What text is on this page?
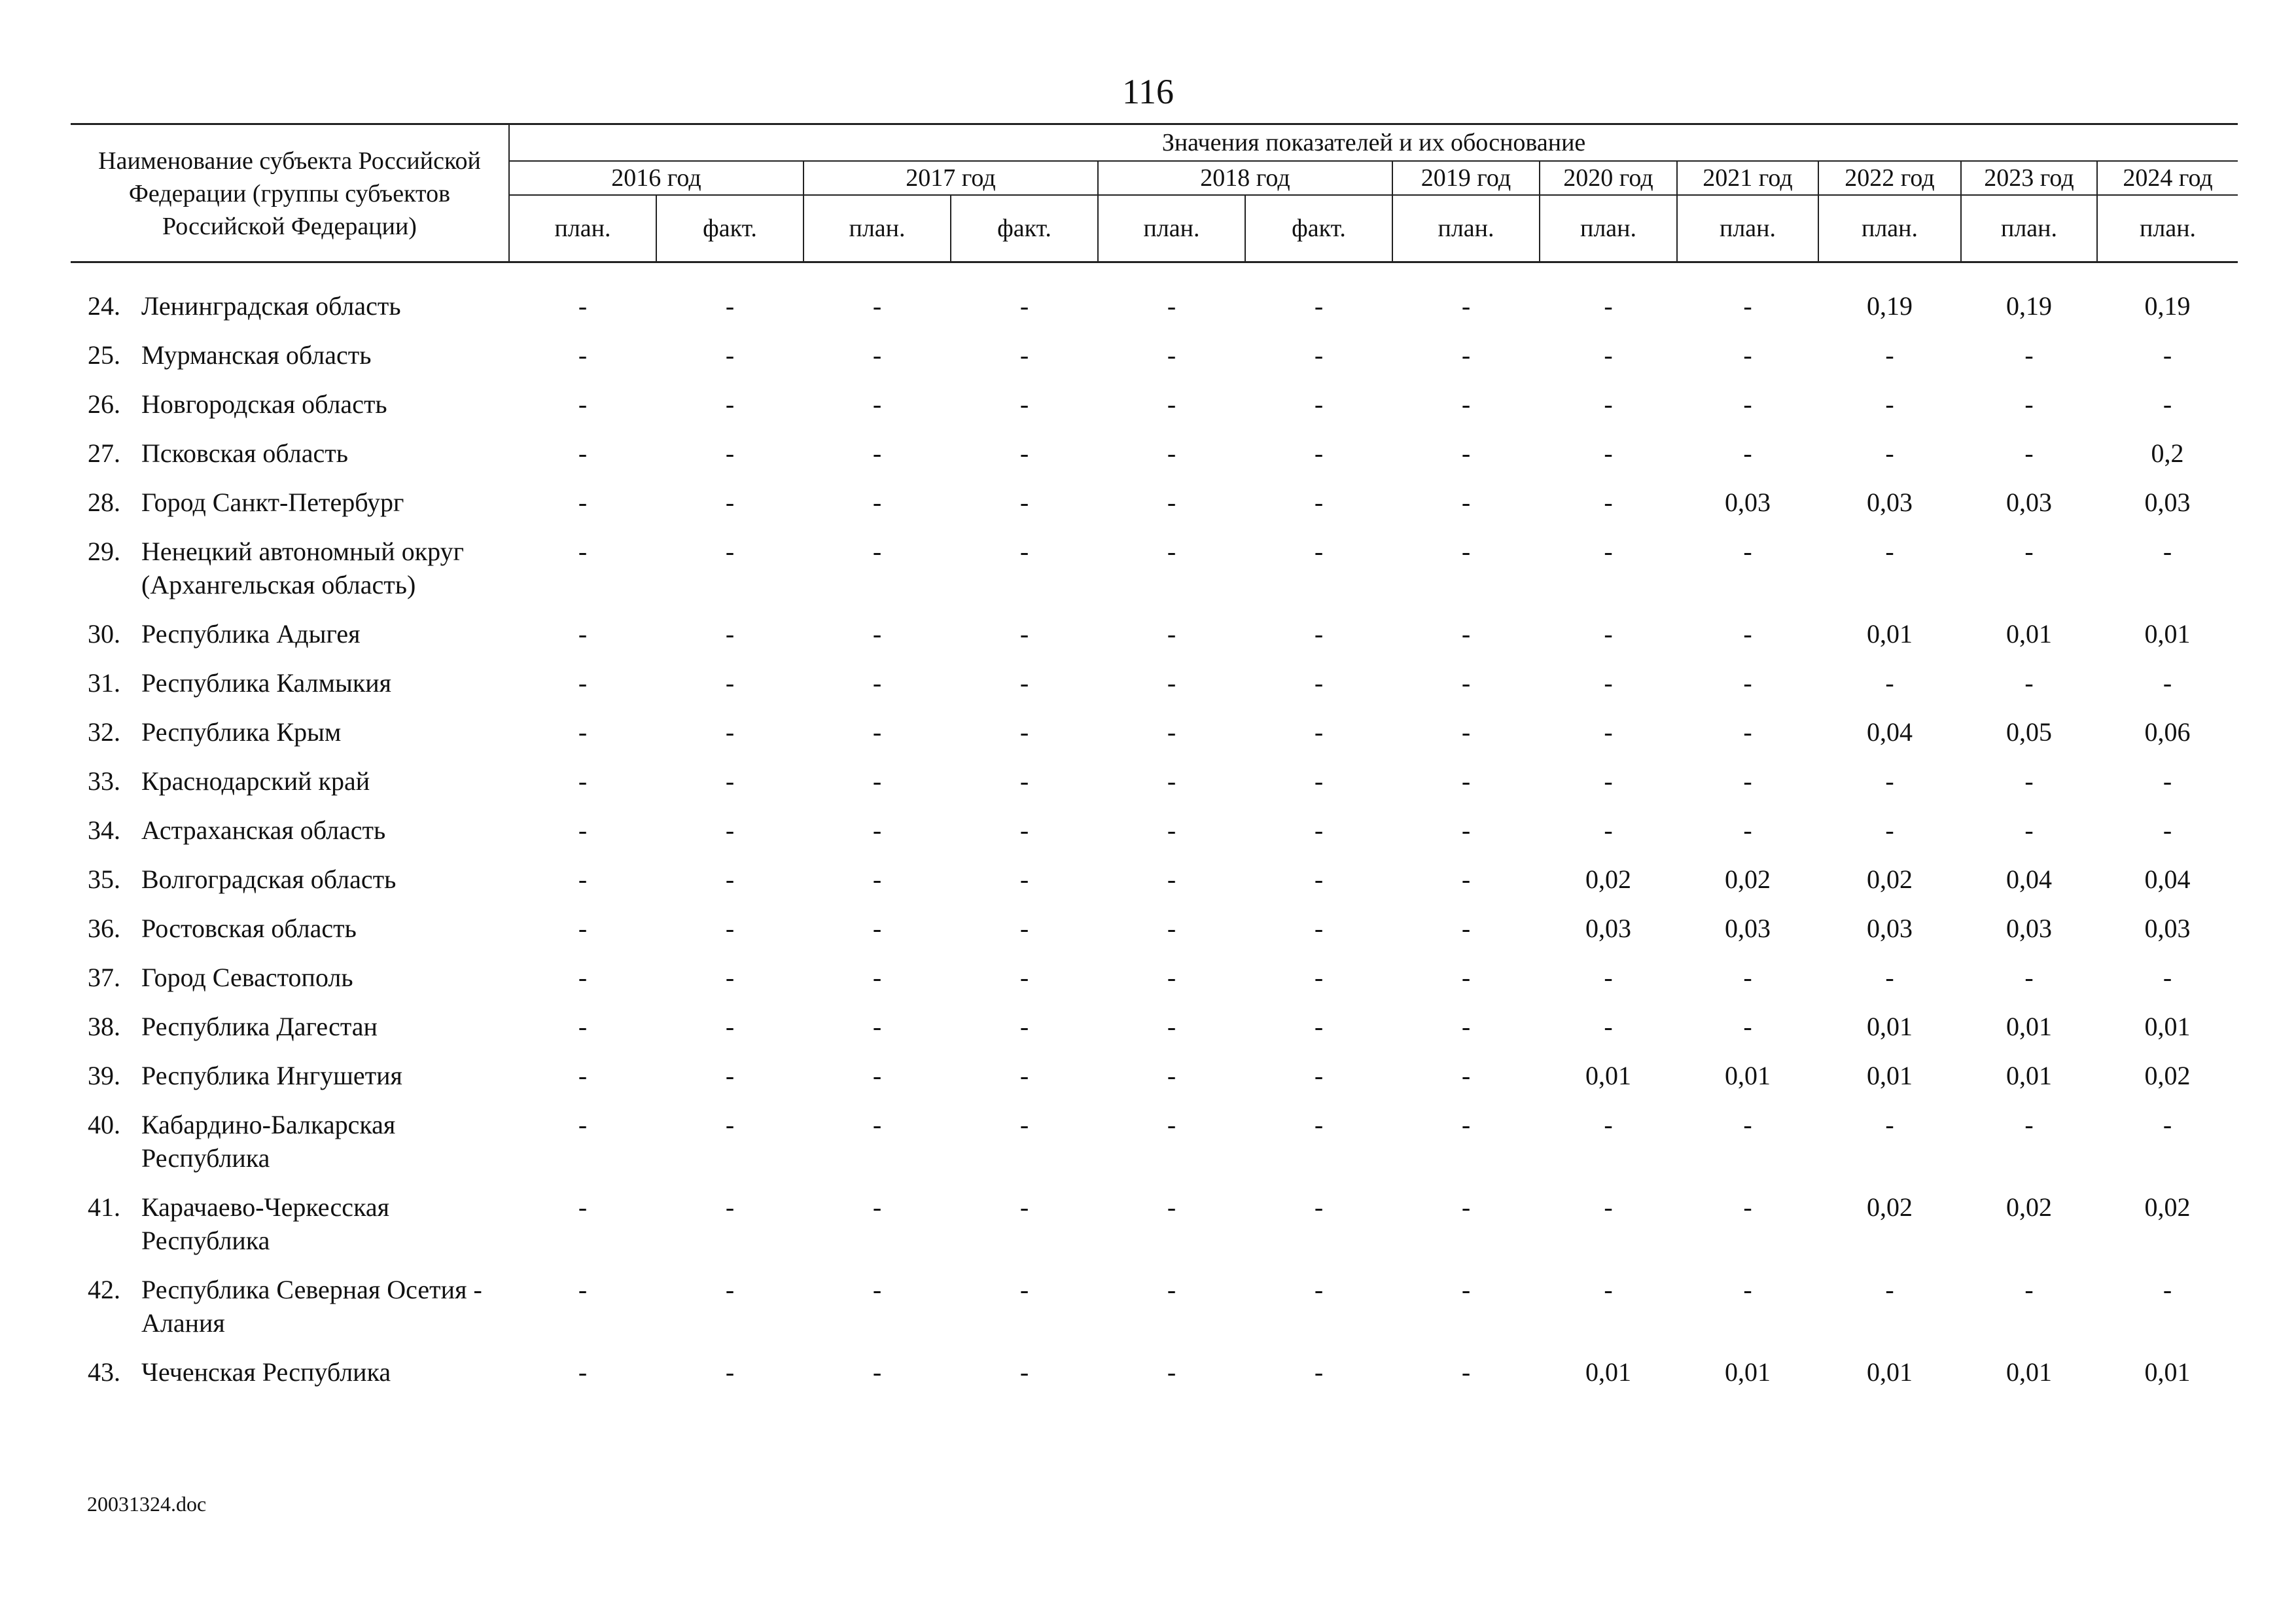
116
Наименование субъекта Российской Федерации (группы субъектов Российской Федерации)	Значения показателей и их обоснование											
	2016 год		2017 год		2018 год		2019 год	2020 год	2021 год	2022 год	2023 год	2024 год
	план.	факт.	план.	факт.	план.	факт.	план.	план.	план.	план.	план.	план.
24.	Ленинградская область	-	-	-	-	-	-	-	-	-	0,19	0,19	0,19
25.	Мурманская область	-	-	-	-	-	-	-	-	-	-	-	-
26.	Новгородская область	-	-	-	-	-	-	-	-	-	-	-	-
27.	Псковская область	-	-	-	-	-	-	-	-	-	-	-	0,2
28.	Город Санкт-Петербург	-	-	-	-	-	-	-	-	0,03	0,03	0,03	0,03
29.	Ненецкий автономный округ (Архангельская область)	-	-	-	-	-	-	-	-	-	-	-	-
30.	Республика Адыгея	-	-	-	-	-	-	-	-	-	0,01	0,01	0,01
31.	Республика Калмыкия	-	-	-	-	-	-	-	-	-	-	-	-
32.	Республика Крым	-	-	-	-	-	-	-	-	-	0,04	0,05	0,06
33.	Краснодарский край	-	-	-	-	-	-	-	-	-	-	-	-
34.	Астраханская область	-	-	-	-	-	-	-	-	-	-	-	-
35.	Волгоградская область	-	-	-	-	-	-	-	0,02	0,02	0,02	0,04	0,04
36.	Ростовская область	-	-	-	-	-	-	-	0,03	0,03	0,03	0,03	0,03
37.	Город Севастополь	-	-	-	-	-	-	-	-	-	-	-	-
38.	Республика Дагестан	-	-	-	-	-	-	-	-	-	0,01	0,01	0,01
39.	Республика Ингушетия	-	-	-	-	-	-	-	0,01	0,01	0,01	0,01	0,02
40.	Кабардино-Балкарская Республика	-	-	-	-	-	-	-	-	-	-	-	-
41.	Карачаево-Черкесская Республика	-	-	-	-	-	-	-	-	-	0,02	0,02	0,02
42.	Республика Северная Осетия - Алания	-	-	-	-	-	-	-	-	-	-	-	-
43.	Чеченская Республика	-	-	-	-	-	-	-	0,01	0,01	0,01	0,01	0,01
20031324.doc
